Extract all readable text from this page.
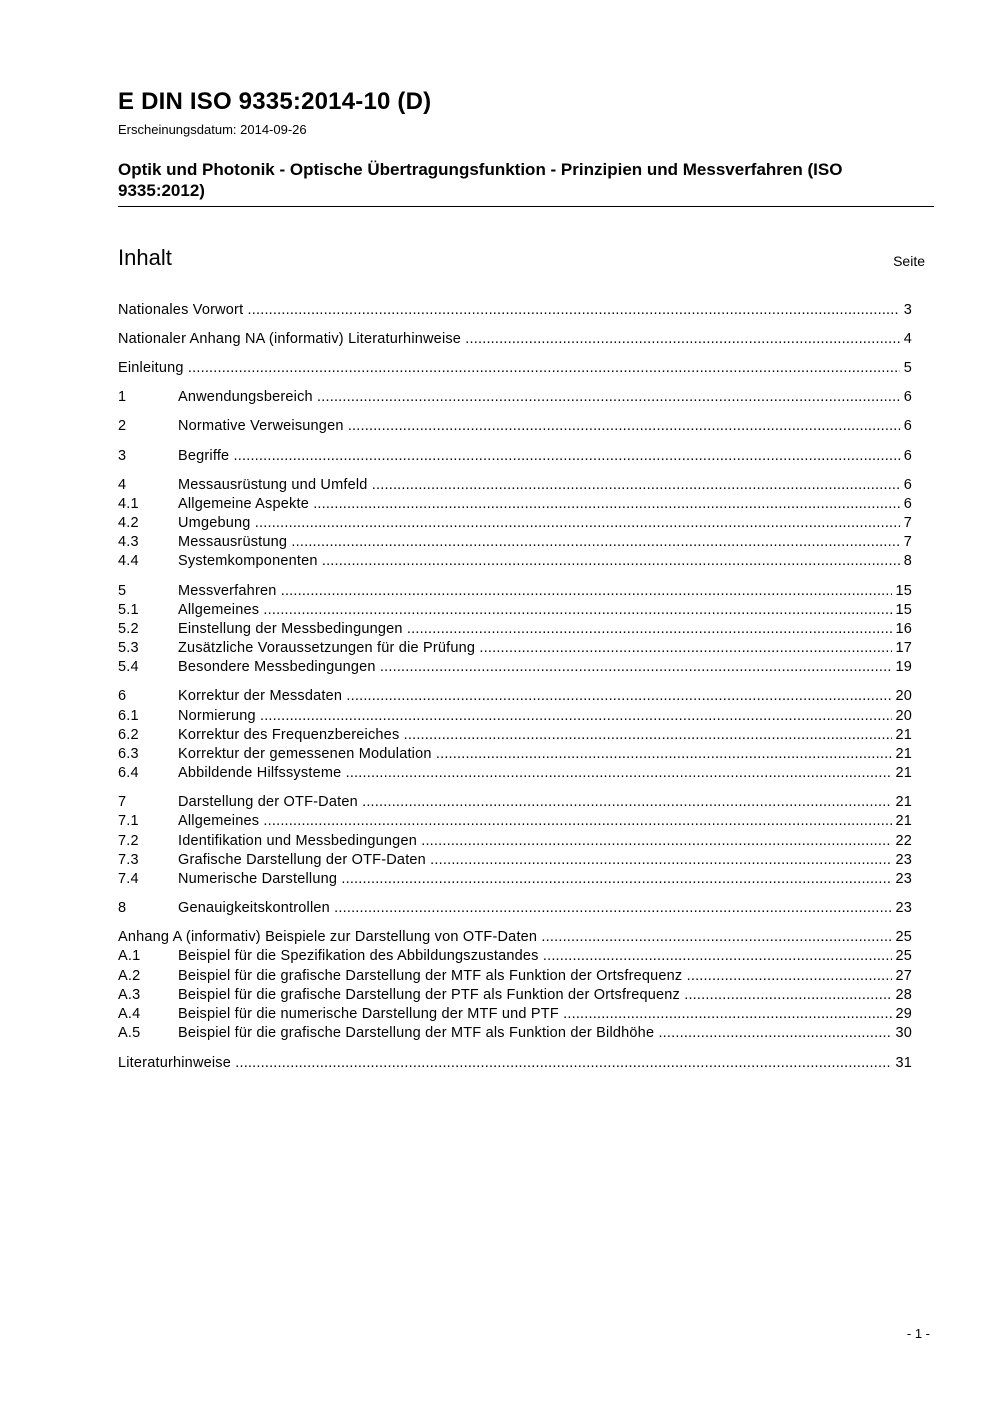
E DIN ISO 9335:2014-10 (D)
Erscheinungsdatum: 2014-09-26
Optik und Photonik - Optische Übertragungsfunktion - Prinzipien und Messverfahren (ISO 9335:2012)
Inhalt	Seite
Nationales Vorwort .....	3
Nationaler Anhang NA (informativ) Literaturhinweise .....	4
Einleitung .....	5
1	Anwendungsbereich .....	6
2	Normative Verweisungen .....	6
3	Begriffe .....	6
4	Messausrüstung und Umfeld .....	6
4.1	Allgemeine Aspekte .....	6
4.2	Umgebung .....	7
4.3	Messausrüstung .....	7
4.4	Systemkomponenten .....	8
5	Messverfahren .....	15
5.1	Allgemeines .....	15
5.2	Einstellung der Messbedingungen .....	16
5.3	Zusätzliche Voraussetzungen für die Prüfung .....	17
5.4	Besondere Messbedingungen .....	19
6	Korrektur der Messdaten .....	20
6.1	Normierung .....	20
6.2	Korrektur des Frequenzbereiches .....	21
6.3	Korrektur der gemessenen Modulation .....	21
6.4	Abbildende Hilfssysteme .....	21
7	Darstellung der OTF-Daten .....	21
7.1	Allgemeines .....	21
7.2	Identifikation und Messbedingungen .....	22
7.3	Grafische Darstellung der OTF-Daten .....	23
7.4	Numerische Darstellung .....	23
8	Genauigkeitskontrollen .....	23
Anhang A (informativ) Beispiele zur Darstellung von OTF-Daten .....	25
A.1	Beispiel für die Spezifikation des Abbildungszustandes .....	25
A.2	Beispiel für die grafische Darstellung der MTF als Funktion der Ortsfrequenz .....	27
A.3	Beispiel für die grafische Darstellung der PTF als Funktion der Ortsfrequenz .....	28
A.4	Beispiel für die numerische Darstellung der MTF und PTF .....	29
A.5	Beispiel für die grafische Darstellung der MTF als Funktion der Bildhöhe .....	30
Literaturhinweise .....	31
- 1 -
